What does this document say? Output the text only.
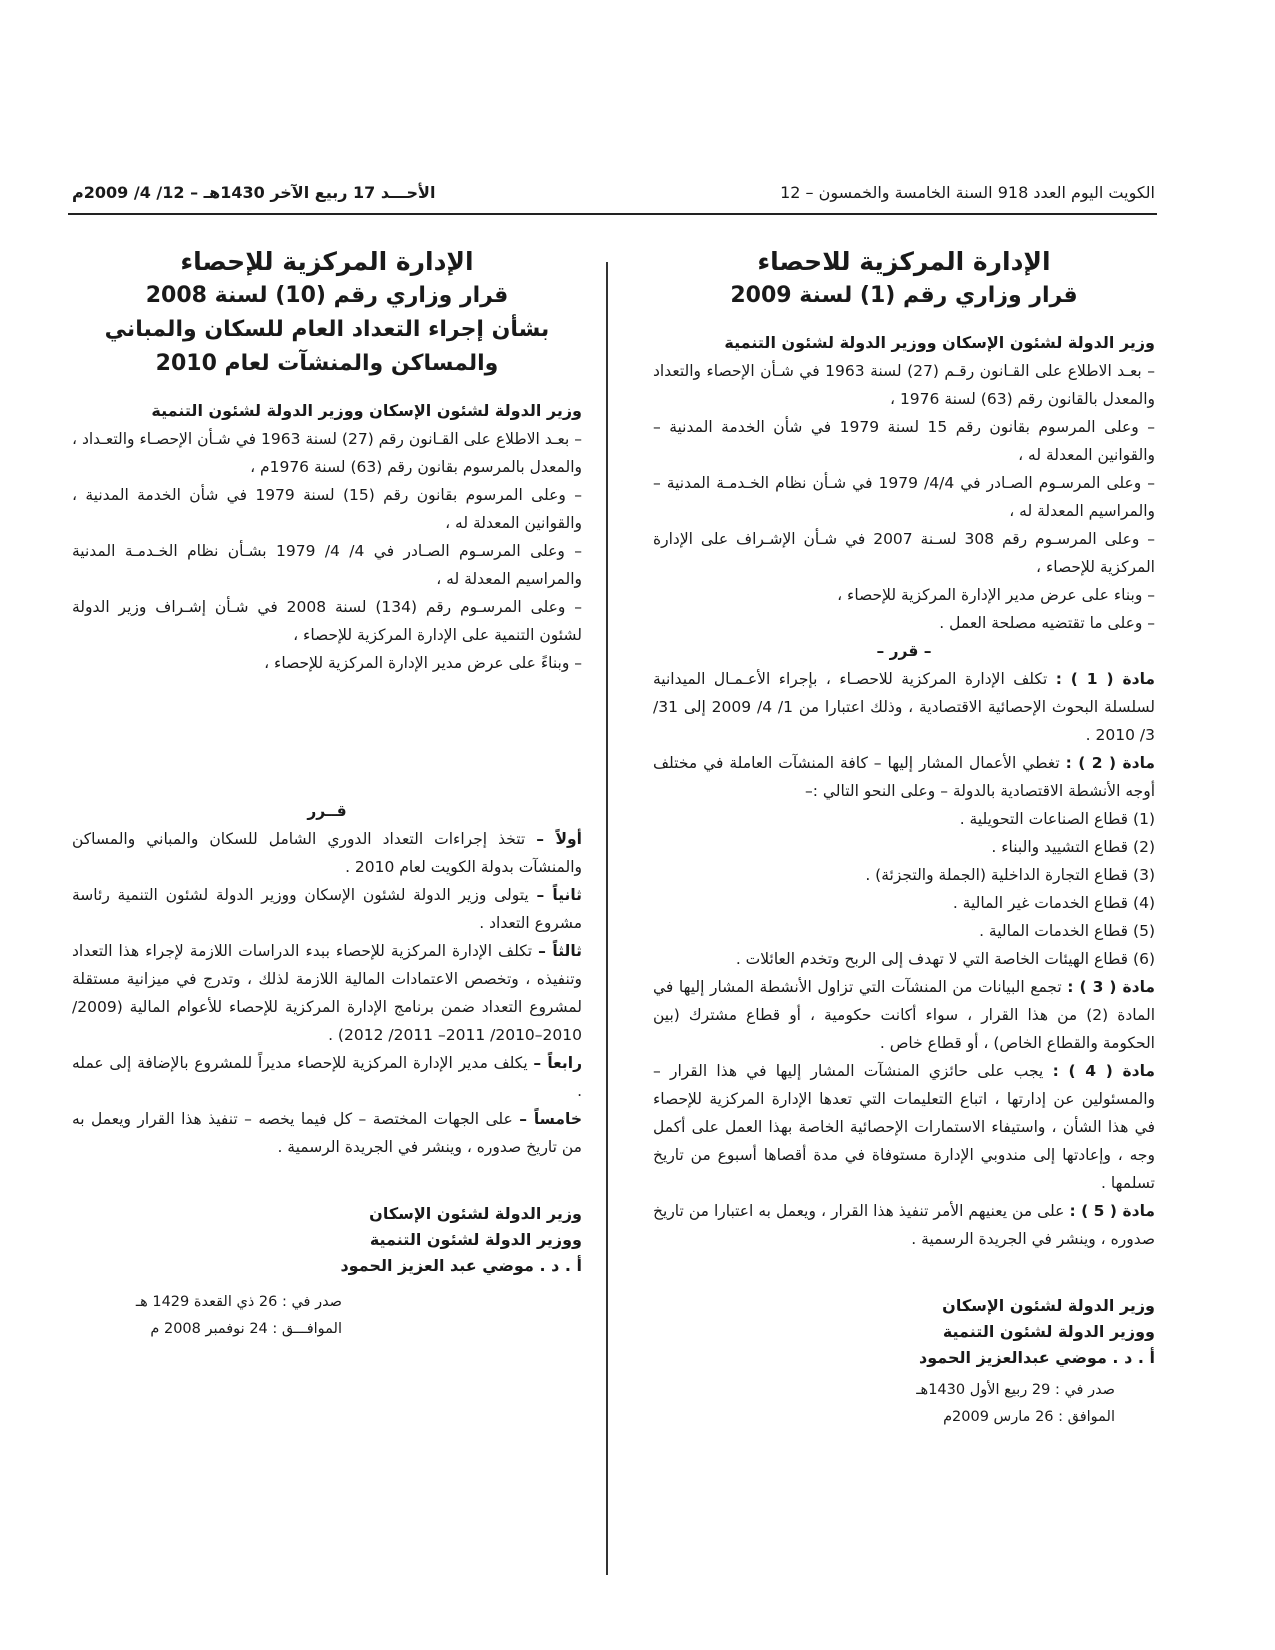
الكويت اليوم العدد 918 السنة الخامسة والخمسون – 12
الأحـــد 17 ربيع الآخر 1430هـ – 12/ 4/ 2009م
الإدارة المركزية للاحصاء
قرار وزاري رقم (1) لسنة 2009
وزير الدولة لشئون الإسكان ووزير الدولة لشئون التنمية

– بعـد الاطلاع على القـانون رقـم (27) لسنة 1963 في شـأن الإحصاء والتعداد والمعدل بالقانون رقم (63) لسنة 1976 ،

– وعلى المرسوم بقانون رقم 15 لسنة 1979 في شأن الخدمة المدنية – والقوانين المعدلة له ،

– وعلى المرسـوم الصـادر في 4/4/ 1979 في شـأن نظام الخـدمـة المدنية – والمراسيم المعدلة له ،

– وعلى المرسـوم رقم 308 لسـنة 2007 في شـأن الإشـراف على الإدارة المركزية للإحصاء ،

– وبناء على عرض مدير الإدارة المركزية للإحصاء ،

– وعلى ما تقتضيه مصلحة العمل .

– قرر –

مادة ( 1 ) : تكلف الإدارة المركزية للاحصـاء ، بإجراء الأعـمـال الميدانية لسلسلة البحوث الإحصائية الاقتصادية ، وذلك اعتبارا من 1/ 4/ 2009 إلى 31/ 3/ 2010 .

مادة ( 2 ) : تغطي الأعمال المشار إليها – كافة المنشآت العاملة في مختلف أوجه الأنشطة الاقتصادية بالدولة – وعلى النحو التالي :–

(1) قطاع الصناعات التحويلية .

(2) قطاع التشييد والبناء .

(3) قطاع التجارة الداخلية (الجملة والتجزئة) .

(4) قطاع الخدمات غير المالية .

(5) قطاع الخدمات المالية .

(6) قطاع الهيئات الخاصة التي لا تهدف إلى الربح وتخدم العائلات .

مادة ( 3 ) : تجمع البيانات من المنشآت التي تزاول الأنشطة المشار إليها في المادة (2) من هذا القرار ، سواء أكانت حكومية ، أو قطاع مشترك (بين الحكومة والقطاع الخاص) ، أو قطاع خاص .

مادة ( 4 ) : يجب على حائزي المنشآت المشار إليها في هذا القرار – والمسئولين عن إدارتها ، اتباع التعليمات التي تعدها الإدارة المركزية للإحصاء في هذا الشأن ، واستيفاء الاستمارات الإحصائية الخاصة بهذا العمل على أكمل وجه ، وإعادتها إلى مندوبي الإدارة مستوفاة في مدة أقصاها أسبوع من تاريخ تسلمها .

مادة ( 5 ) : على من يعنيهم الأمر تنفيذ هذا القرار ، ويعمل به اعتبارا من تاريخ صدوره ، وينشر في الجريدة الرسمية .

وزير الدولة لشئون الإسكان
ووزير الدولة لشئون التنمية
أ . د . موضي عبدالعزيز الحمود
صدر في : 29 ربيع الأول 1430هـ
الموافق : 26 مارس 2009م
الإدارة المركزية للإحصاء
قرار وزاري رقم (10) لسنة 2008
بشأن إجراء التعداد العام للسكان والمباني
والمساكن والمنشآت لعام 2010
وزير الدولة لشئون الإسكان ووزير الدولة لشئون التنمية

– بعـد الاطلاع على القـانون رقم (27) لسنة 1963 في شـأن الإحصـاء والتعـداد ، والمعدل بالمرسوم بقانون رقم (63) لسنة 1976م ،

– وعلى المرسوم بقانون رقم (15) لسنة 1979 في شأن الخدمة المدنية ، والقوانين المعدلة له ،

– وعلى المرسـوم الصـادر في 4/ 4/ 1979 بشـأن نظام الخـدمـة المدنية والمراسيم المعدلة له ،

– وعلى المرسـوم رقم (134) لسنة 2008 في شـأن إشـراف وزير الدولة لشئون التنمية على الإدارة المركزية للإحصاء ،

– وبناءً على عرض مدير الإدارة المركزية للإحصاء ،

قــرر

أولاً – تتخذ إجراءات التعداد الدوري الشامل للسكان والمباني والمساكن والمنشآت بدولة الكويت لعام 2010 .

ثانياً – يتولى وزير الدولة لشئون الإسكان ووزير الدولة لشئون التنمية رئاسة مشروع التعداد .

ثالثاً – تكلف الإدارة المركزية للإحصاء ببدء الدراسات اللازمة لإجراء هذا التعداد وتنفيذه ، وتخصص الاعتمادات المالية اللازمة لذلك ، وتدرج في ميزانية مستقلة لمشروع التعداد ضمن برنامج الإدارة المركزية للإحصاء للأعوام المالية (2009/ 2010–2010/ 2011– 2011/ 2012) .

رابعاً – يكلف مدير الإدارة المركزية للإحصاء مديراً للمشروع بالإضافة إلى عمله .

خامساً – على الجهات المختصة – كل فيما يخصه – تنفيذ هذا القرار ويعمل به من تاريخ صدوره ، وينشر في الجريدة الرسمية .

وزير الدولة لشئون الإسكان
ووزير الدولة لشئون التنمية
أ . د . موضي عبد العزيز الحمود
صدر في : 26 ذي القعدة 1429 هـ
الموافـــق : 24 نوفمبر 2008 م
